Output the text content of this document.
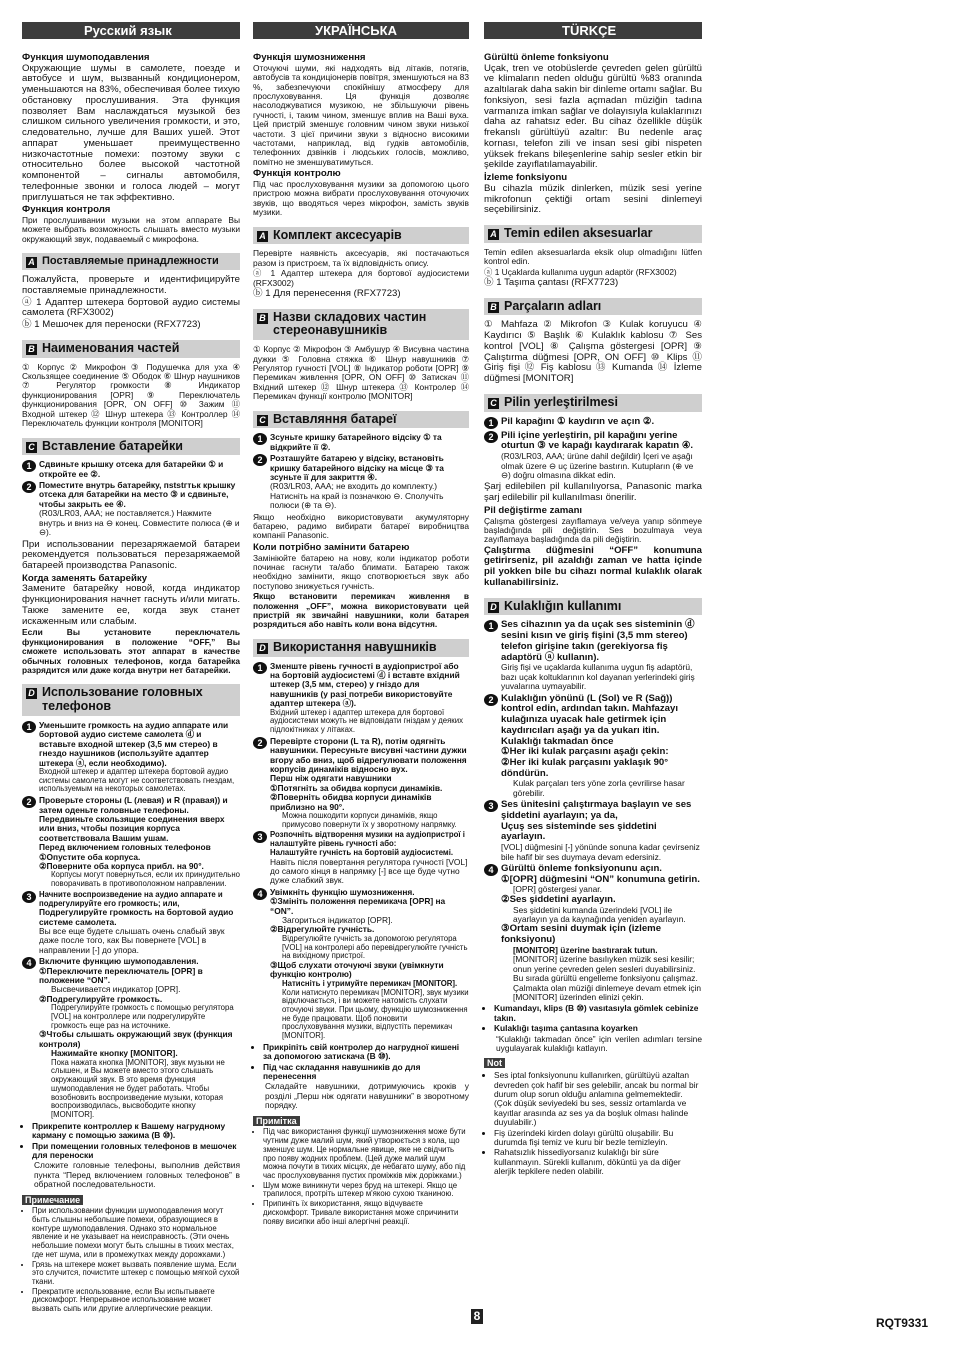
Русский язык
Функция шумоподавления

Окружающие шумы в самолете, поезде и автобусе и шум, вызванный кондиционером, уменьшаются на 83%, обеспечивая более тихую обстановку прослушивания. Эта функция позволяет Вам наслаждаться музыкой без слишком сильного увеличения громкости, и это, следовательно, лучше для Ваших ушей. Этот аппарат уменьшает преимущественно низкочастотные помехи: поэтому звуки с относительно более высокой частотной компонентой – сигналы автомобиля, телефонные звонки и голоса людей – могут приглушаться не так эффективно.

Функция контроля

При прослушивании музыки на этом аппарате Вы можете выбрать возможность слышать вместо музыки окружающий звук, подаваемый с микрофона.

A Поставляемые принадлежности

Пожалуйста, проверьте и идентифицируйте поставляемые принадлежности.

ⓐ 1 Адаптер штекера бортовой аудио системы самолета (RFX3002)

ⓑ 1 Мешочек для переноски (RFX7723)

B Наименования частей

① Корпус ② Микрофон ③ Подушечка для уха ④ Скользящее соединение ⑤ Ободок ⑥ Шнур наушников ⑦ Регулятор громкости ⑧ Индикатор функционирования [OPR] ⑨ Переключатель функционирования [OPR, ON OFF] ⑩ Зажим ⑪ Входной штекер ⑫ Шнур штекера ⑬ Контроллер ⑭ Переключатель функции контроля [MONITOR]

C Вставление батарейки
1 Сдвиньте крышку отсека для батарейки ① и откройте ее ②.
2 Поместите внутрь батарейку, пststгтьк крышку отсека для батарейки на место ③ и сдвиньте, чтобы закрыть ее ④.
(R03/LR03, AAA; не поставляется.) Нажмите внутрь и вниз на ⊖ конец. Совместите полюса (⊕ и ⊖).

При использовании перезаряжаемой батареи рекомендуется пользоваться перезаряжаемой батареей производства Panasonic.

Когда заменять батарейку

Замените батарейку новой, когда индикатор функционирования начнет гаснуть и/или мигать. Также замените ее, когда звук станет искаженным или слабым.

Если Вы установите переключатель функционирования в положение “OFF,” Вы сможете использовать этот аппарат в качестве обычных головных телефонов, когда батарейка разрядится или даже когда внутри нет батарейки.

D Использование головных телефонов
1 Уменьшите громкость на аудио аппарате или бортовой аудио системе самолета ⓓ и вставьте входной штекер (3,5 мм стерео) в гнездо наушников (используйте адаптер штекера ⓐ, если необходимо).
Входной штекер и адаптер штекера бортовой аудио системы самолета могут не соответствовать гнездам, используемым на некоторых самолетах.
2 Проверьте стороны (L (левая) и R (правая)) и затем оденьте головные телефоны. Передвиньте скользящие соединения вверх или вниз, чтобы позиция корпуса соответствовала Вашим ушам.
Перед включением головных телефонов
①Опустите оба корпуса.
②Поверните оба корпуса прибл. на 90°.
Корпусы могут повернуться, если их принудительно поворачивать в противоположном направлении.
3 Начните воспроизведение на аудио аппарате и подрегулируйте его громкость; или,
Подрегулируйте громкость на бортовой аудио системе самолета.
Вы все еще будете слышать очень слабый звук даже после того, как Вы повернете [VOL] в направлении [-] до упора.
4 Включите функцию шумоподавления.
①Переключите переключатель [OPR] в положение “ON”.
Высвечивается индикатор [OPR].
②Подрегулируйте громкость.
Подрегулируйте громкость с помощью регулятора [VOL] на контроллере или подрегулируйте громкость еще раз на источнике.
③Чтобы слышать окружающий звук (функция контроля)
Нажимайте кнопку [MONITOR].
Пока нажата кнопка [MONITOR], звук музыки не слышен, и Вы можете вместо этого слышать окружающий звук. В это время функция шумоподавления не будет работать. Чтобы возобновить воспроизведение музыки, которая воспроизводилась, высвободите кнопку [MONITOR].
• Прикрепите контроллер к Вашему нагрудному карману с помощью зажима (B ⑩).
• При помещении головных телефонов в мешочек для переноски

Сложите головные телефоны, выполнив действия пункта “Перед включением головных телефонов” в обратной последовательности.

Примечание
• При использовании функции шумоподавления могут быть слышны небольшие помехи, образующиеся в контуре шумоподавления. Однако это нормальное явление и не указывает на неисправность. (Эти очень небольшие помехи могут быть слышны в тихих местах, где нет шума, или в промежутках между дорожками.)
• Грязь на штекере может вызвать появление шума. Если это случится, почистите штекер с помощью мягкой сухой ткани.
• Прекратите использование, если Вы испытываете дискомфорт. Непрерывное использование может вызвать сыпь или другие аллергические реакции.
УКРАЇНСЬКА
Функція шумозниження

Оточуючі шуми, які надходять від літаків, потягів, автобусів та кондиціонерів повітря, зменшуються на 83 %, забезпечуючи спокійнішу атмосферу для прослуховування. Ця функція дозволяє насолоджуватися музикою, не збільшуючи рівень гучності, і, таким чином, зменшує вплив на Ваші вуха. Цей пристрій зменшує головним чином звуки низької частоти. З цієї причини звуки з відносно високими частотами, наприклад, від гудків автомобілів, телефонних дзвінків і людських голосів, можливо, помітно не зменшуватимуться.

Функція контролю

Під час прослуховування музики за допомогою цього пристрою можна вибрати прослуховування оточуючих звуків, що вводяться через мікрофон, замість звуків музики.

A Комплект аксесуарів

Перевірте наявність аксесуарів, які постачаються разом із пристроєм, та їх відповідність опису.

ⓐ 1 Адаптер штекера для бортової аудіосистеми (RFX3002)

ⓑ 1 Для перенесення (RFX7723)

B Назви складових частин стереонавушників

① Корпус ② Мікрофон ③ Амбушур ④ Висувна частина дужки ⑤ Головна стяжка ⑥ Шнур навушників ⑦ Регулятор гучності [VOL] ⑧ Індикатор роботи [OPR] ⑨ Перемикач живлення [OPR, ON OFF] ⑩ Затискач ⑪ Вхідний штекер ⑫ Шнур штекера ⑬ Контролер ⑭ Перемикач функції контролю [MONITOR]

C Вставляння батареї
1 Зсуньте кришку батарейного відсіку ① та відкрийте її ②.
2 Розташуйте батарею у відсіку, встановіть кришку батарейного відсіку на місце ③ та зсуньте її для закриття ④.
(R03/LR03, AAA; не входить до комплекту.) Натисніть на край із позначкою ⊖. Сполучіть полюси (⊕ та ⊖).

Якщо необхідно використовувати акумуляторну батарею, радимо вибирати батареї виробництва компанії Panasonic.

Коли потрібно замінити батарею

Замініюйте батарею на нову, коли індикатор роботи починає гаснути та/або блимати. Батарею також необхідно замінити, якщо спотворюється звук або поступово знижується гучність.

Якщо встановити перемикач живлення в положення „OFF”, можна використовувати цей пристрій як звичайні навушники, коли батарея розрядиться або навіть коли вона відсутня.

D Використання навушників
1 Зменште рівень гучності в аудіопристрої або на бортовій аудіосистемі ⓓ і вставте вхідний штекер (3,5 мм, стерео) у гніздо для навушників (у разі потреби використовуйте адаптер штекера ⓐ).
Вхідний штекер і адаптер штекера для бортової аудіосистеми можуть не відповідати гніздам у деяких підлокітниках у літаках.
2 Перевірте сторони (L та R), потім одягніть навушники. Пересуньте висувні частини дужки вгору або вниз, щоб відрегулювати положення корпусів динаміків відносно вух.
Перш ніж одягати навушники
①Потягніть за обидва корпуси динаміків.
②Поверніть обидва корпуси динаміків приблизно на 90°.
Можна пошкодити корпуси динаміків, якщо примусово повернути їх у зворотному напрямку.
3 Розпочніть відтворення музики на аудіопристрої і налаштуйте рівень гучності або:
Налаштуйте гучність на бортовій аудіосистемі.
Навіть після повертання регулятора гучності [VOL] до самого кінця в напрямку [-] все ще буде чутно дуже слабкий звук.
4 Увімкніть функцію шумозниження.
①Змініть положення перемикача [OPR] на “ON”.
Загориться індикатор [OPR].
②Відрегулюйте гучність.
Відрегулюйте гучність за допомогою регулятора [VOL] на контролері або перевідрегулюйте гучність на вихідному пристрої.
③Щоб слухати оточуючі звуки (увімкнути функцію контролю)
Натисніть і утримуйте перемикач [MONITOR].
Коли натиснуто перемикач [MONITOR], звук музики відключається, і ви можете натомість слухати оточуючі звуки. При цьому, функцію шумозниження не буде працювати. Щоб поновити прослуховування музики, відпустіть перемикач [MONITOR].
• Прикріпіть свій контролер до нагрудної кишені за допомогою затискача (B ⑩).
• Під час складання навушників до для перенесення

Складайте навушники, дотримуючись кроків у розділі „Перш ніж одягати навушники” в зворотному порядку.

Примітка
• Під час використання функції шумозниження може бути чутним дуже малий шум, який утворюється з кола, що зменшує шум. Це нормальне явище, яке не свідчить про появу жодних проблем. (Цей дуже малий шум можна почути в тихих місцях, де небагато шуму, або під час прослуховування пустих проміжків між доріжками.)
• Шум може виникнути через бруд на штекері. Якщо це трапилося, протріть штекер м'якою сухою тканиною.
• Припиніть їх використання, якщо відчуваєте дискомфорт. Тривале використання може спричинити появу висипки або інші алергічні реакції.
TÜRKÇE
Gürültü önleme fonksiyonu

Uçak, tren ve otobüslerde çevreden gelen gürültü ve klimaların neden olduğu gürültü %83 oranında azaltılarak daha sakin bir dinleme ortamı sağlar. Bu fonksiyon, sesi fazla açmadan müziğin tadına varmanıza imkan sağlar ve dolayısıyla kulaklarınızı daha az rahatsız eder. Bu cihaz özellikle düşük frekanslı gürültüyü azaltır: Bu nedenle araç kornası, telefon zili ve insan sesi gibi nispeten yüksek frekans bileşenlerine sahip sesler etkin bir şekilde zayıflatılamayabilir.

İzleme fonksiyonu

Bu cihazla müzik dinlerken, müzik sesi yerine mikrofonun çektiği ortam sesini dinlemeyi seçebilirsiniz.

A Temin edilen aksesuarlar

Temin edilen aksesuarlarda eksik olup olmadığını lütfen kontrol edin.

ⓐ 1 Uçaklarda kullanıma uygun adaptör (RFX3002)

ⓑ 1 Taşıma çantası (RFX7723)

B Parçaların adları

① Mahfaza ② Mikrofon ③ Kulak koruyucu ④ Kaydırıcı ⑤ Başlık ⑥ Kulaklık kablosu ⑦ Ses kontrol [VOL] ⑧ Çalışma göstergesi [OPR] ⑨ Çalıştırma düğmesi [OPR, ON OFF] ⑩ Klips ⑪ Giriş fişi ⑫ Fiş kablosu ⑬ Kumanda ⑭ İzleme düğmesi [MONITOR]

C Pilin yerleştirilmesi
1 Pil kapağını ① kaydırın ve açın ②.
2 Pili içine yerleştirin, pil kapağını yerine oturtun ③ ve kapağı kaydırarak kapatın ④.
(R03/LR03, AAA; ürüne dahil değildir) İçeri ve aşağı olmak üzere ⊖ uç üzerine bastırın. Kutupların (⊕ ve ⊖) doğru olmasına dikkat edin.

Şarj edilebilen pil kullanılıyorsa, Panasonic marka şarj edilebilir pil kullanılması önerilir.

Pil değiştirme zamanı

Çalışma göstergesi zayıflamaya ve/veya yanıp sönmeye başladığında pili değiştirin. Ses bozulmaya veya zayıflamaya başladığında da pili değiştirin.

Çalıştırma düğmesini “OFF” konumuna getirirseniz, pil azaldığı zaman ve hatta içinde pil yokken bile bu cihazı normal kulaklık olarak kullanabilirsiniz.

D Kulaklığın kullanımı
1 Ses cihazının ya da uçak ses sisteminin ⓓ sesini kısın ve giriş fişini (3,5 mm stereo) telefon girişine takın (gerekiyorsa fiş adaptörü ⓐ kullanın).
Giriş fişi ve uçaklarda kullanıma uygun fiş adaptörü, bazı uçak koltuklarının kol dayanan yerlerindeki giriş yuvalarına uymayabilir.
2 Kulaklığın yönünü (L (Sol) ve R (Sağ)) kontrol edin, ardından takın. Mahfazayı kulağınıza uyacak hale getirmek için kaydırıcıları aşağı ya da yukarı itin.
Kulaklığı takmadan önce
①Her iki kulak parçasını aşağı çekin:
②Her iki kulak parçasını yaklaşık 90° döndürün.
Kulak parçaları ters yöne zorla çevrilirse hasar görebilir.
3 Ses ünitesini çalıştırmaya başlayın ve ses şiddetini ayarlayın; ya da,
Uçuş ses sisteminde ses şiddetini ayarlayın.
[VOL] düğmesini [-] yönünde sonuna kadar çevirseniz bile hafif bir ses duymaya devam edersiniz.
4 Gürültü önleme fonksiyonunu açın.
①[OPR] düğmesini “ON” konumuna getirin.
[OPR] göstergesi yanar.
②Ses şiddetini ayarlayın.
Ses şiddetini kumanda üzerindeki [VOL] ile ayarlayın ya da kaynağında yeniden ayarlayın.
③Ortam sesini duymak için (izleme fonksiyonu)
[MONITOR] üzerine bastırarak tutun.
[MONITOR] üzerine basılıyken müzik sesi kesilir; onun yerine çevreden gelen sesleri duyabilirsiniz. Bu sırada gürültü engelleme fonksiyonu çalışmaz. Çalmakta olan müziği dinlemeye devam etmek için [MONITOR] üzerinden elinizi çekin.
• Kumandayı, klips (B ⑩) vasıtasıyla gömlek cebinize takın.
• Kulaklığı taşıma çantasına koyarken

“Kulaklığı takmadan önce” için verilen adımları tersine uygulayarak kulaklığı katlayın.

Not
• Ses iptal fonksiyonunu kullanırken, gürültüyü azaltan devreden çok hafif bir ses gelebilir, ancak bu normal bir durum olup sorun olduğu anlamına gelmemektedir. (Çok düşük seviyedeki bu ses, sessiz ortamlarda ve kayıtlar arasında az ses ya da boşluk olması halinde duyulabilir.)
• Fiş üzerindeki kirden dolayı gürültü oluşabilir. Bu durumda fişi temiz ve kuru bir bezle temizleyin.
• Rahatsızlık hissediyorsanız kulaklığı bir süre kullanmayın. Sürekli kullanım, döküntü ya da diğer alerjik tepkilere neden olabilir.
8	RQT9331
